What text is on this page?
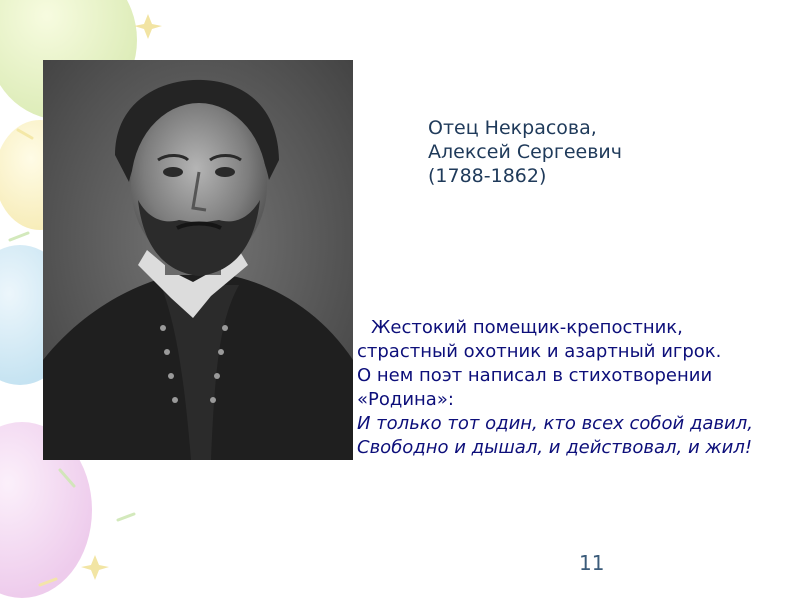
Отец Некрасова,
Алексей Сергеевич
(1788-1862)
Жестокий помещик-крепостник,
страстный охотник и азартный игрок.
О нем поэт написал в стихотворении
«Родина»:
И только тот один, кто всех собой давил,
Свободно и дышал, и действовал, и жил!
11
